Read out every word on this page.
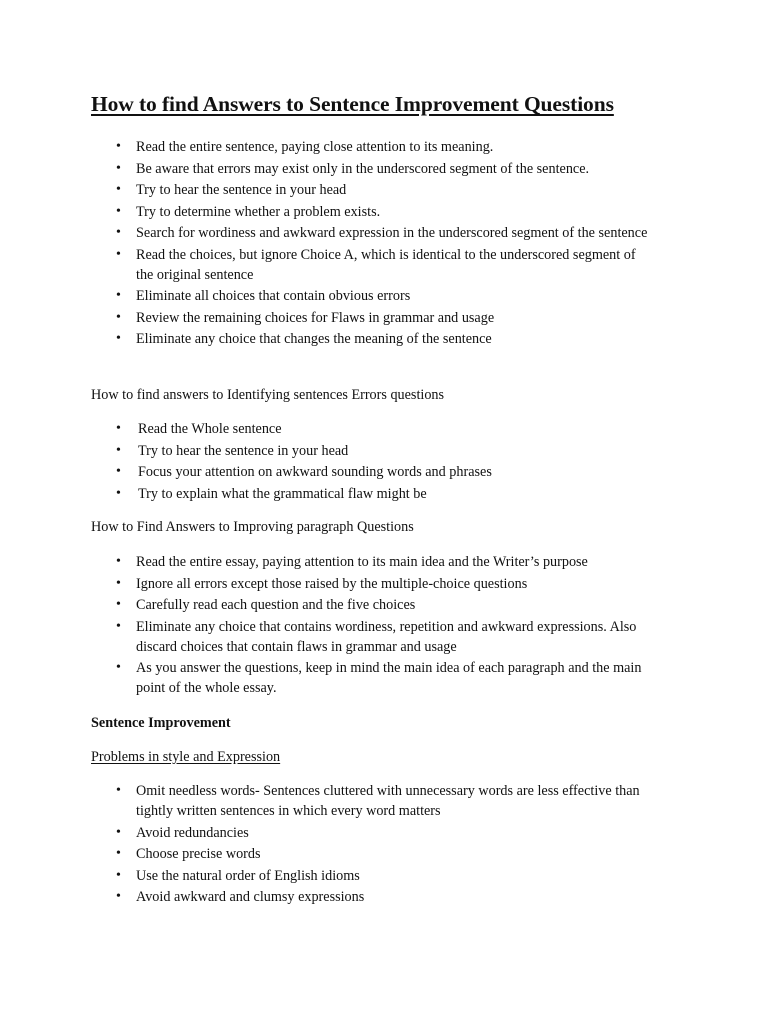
How to find Answers to Sentence Improvement Questions
• Read the entire sentence, paying close attention to its meaning.
• Be aware that errors may exist only in the underscored segment of the sentence.
• Try to hear the sentence in your head
• Try to determine whether a problem exists.
• Search for wordiness and awkward expression in the underscored segment of the sentence
• Read the choices, but ignore Choice A, which is identical to the underscored segment of the original sentence
• Eliminate all choices that contain obvious errors
• Review the remaining choices for Flaws in grammar and usage
• Eliminate any choice that changes the meaning of the sentence

How to find answers to Identifying sentences Errors questions

• Read the Whole sentence
• Try to hear the sentence in your head
• Focus your attention on awkward sounding words and phrases
• Try to explain what the grammatical flaw might be

How to Find Answers to Improving paragraph Questions

• Read the entire essay, paying attention to its main idea and the Writer’s purpose
• Ignore all errors except those raised by the multiple-choice questions
• Carefully read each question and the five choices
• Eliminate any choice that contains wordiness, repetition and awkward expressions. Also discard choices that contain flaws in grammar and usage
• As you answer the questions, keep in mind the main idea of each paragraph and the main point of the whole essay.

Sentence Improvement

Problems in style and Expression

• Omit needless words- Sentences cluttered with unnecessary words are less effective than tightly written sentences in which every word matters
• Avoid redundancies
• Choose precise words
• Use the natural order of English idioms
• Avoid awkward and clumsy expressions
